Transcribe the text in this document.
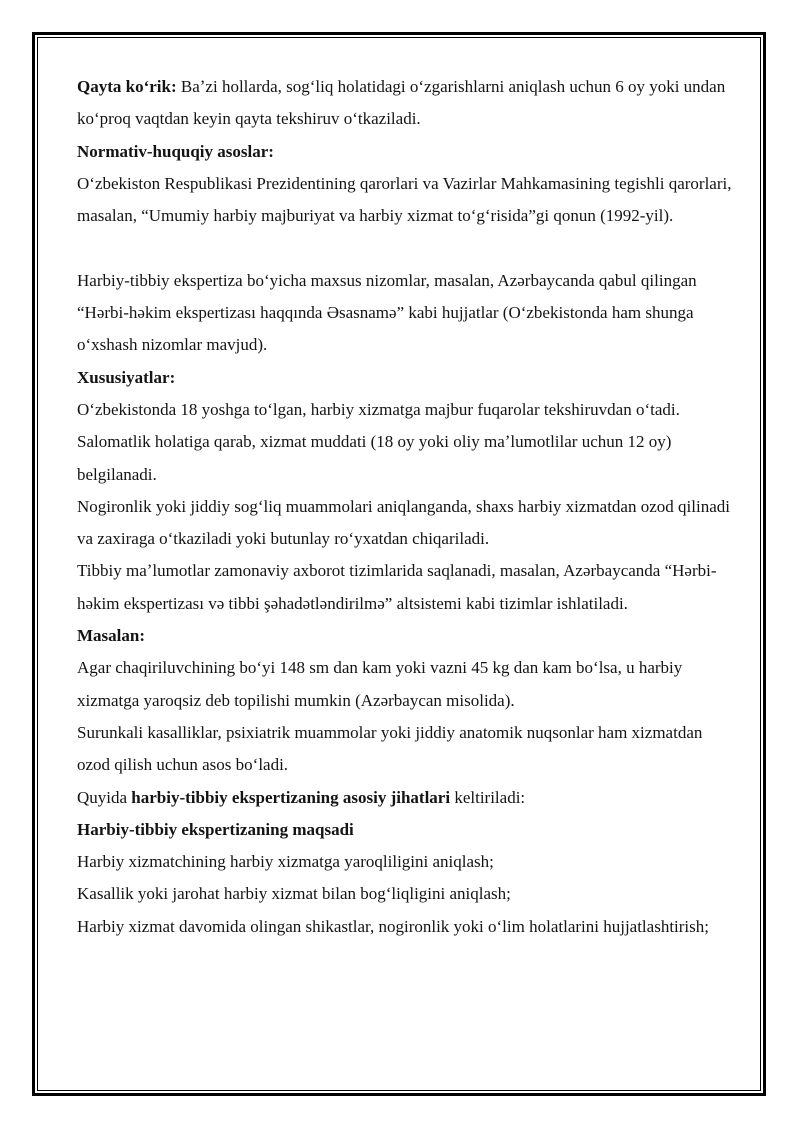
Qayta koʻrik: Baʼzi hollarda, sogʻliq holatidagi oʻzgarishlarni aniqlash uchun 6 oy yoki undan koʻproq vaqtdan keyin qayta tekshiruv oʻtkaziladi.

Normativ-huquqiy asoslar:

Oʻzbekiston Respublikasi Prezidentining qarorlari va Vazirlar Mahkamasining tegishli qarorlari, masalan, “Umumiy harbiy majburiyat va harbiy xizmat toʻgʻrisida”gi qonun (1992-yil).

Harbiy-tibbiy ekspertiza boʻyicha maxsus nizomlar, masalan, Azərbaycanda qabul qilingan “Hərbi-həkim ekspertizası haqqında Əsasnamə” kabi hujjatlar (Oʻzbekistonda ham shunga oʻxshash nizomlar mavjud).

Xususiyatlar:

Oʻzbekistonda 18 yoshga toʻlgan, harbiy xizmatga majbur fuqarolar tekshiruvdan oʻtadi. Salomatlik holatiga qarab, xizmat muddati (18 oy yoki oliy maʼlumotlilar uchun 12 oy) belgilanadi.

Nogironlik yoki jiddiy sogʻliq muammolari aniqlanganda, shaxs harbiy xizmatdan ozod qilinadi va zaxiraga oʻtkaziladi yoki butunlay roʻyxatdan chiqariladi.

Tibbiy maʼlumotlar zamonaviy axborot tizimlarida saqlanadi, masalan, Azərbaycanda “Hərbi-həkim ekspertizası və tibbi şəhadətləndirilmə” altsistemi kabi tizimlar ishlatiladi.

Masalan:

Agar chaqiriluvchining boʻyi 148 sm dan kam yoki vazni 45 kg dan kam boʻlsa, u harbiy xizmatga yaroqsiz deb topilishi mumkin (Azərbaycan misolida).

Surunkali kasalliklar, psixiatrik muammolar yoki jiddiy anatomik nuqsonlar ham xizmatdan ozod qilish uchun asos boʻladi.

Quyida harbiy-tibbiy ekspertizaning asosiy jihatlari keltiriladi:

Harbiy-tibbiy ekspertizaning maqsadi

Harbiy xizmatchining harbiy xizmatga yaroqliligini aniqlash;

Kasallik yoki jarohat harbiy xizmat bilan bogʻliqligini aniqlash;

Harbiy xizmat davomida olingan shikastlar, nogironlik yoki oʻlim holatlarini hujjatlashtirish;
